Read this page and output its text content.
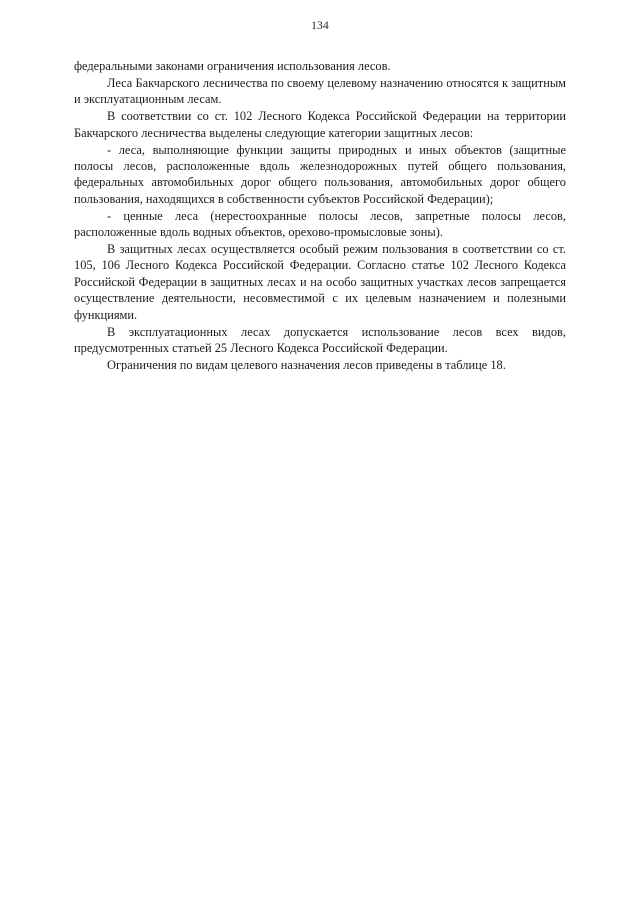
134

федеральными законами ограничения использования лесов.

Леса Бакчарского лесничества по своему целевому назначению относятся к защитным и эксплуатационным лесам.

В соответствии со ст. 102 Лесного Кодекса Российской Федерации на территории Бакчарского лесничества выделены следующие категории защитных лесов:

- леса, выполняющие функции защиты природных и иных объектов (защитные полосы лесов, расположенные вдоль железнодорожных путей общего пользования, федеральных автомобильных дорог общего пользования, автомобильных дорог общего пользования, находящихся в собственности субъектов Российской Федерации);

- ценные леса (нерестоохранные полосы лесов, запретные полосы лесов, расположенные вдоль водных объектов, орехово-промысловые зоны).

В защитных лесах осуществляется особый режим пользования в соответствии со ст. 105, 106 Лесного Кодекса Российской Федерации. Согласно статье 102 Лесного Кодекса Российской Федерации в защитных лесах и на особо защитных участках лесов запрещается осуществление деятельности, несовместимой с их целевым назначением и полезными функциями.

В эксплуатационных лесах допускается использование лесов всех видов, предусмотренных статьей 25 Лесного Кодекса Российской Федерации.

Ограничения по видам целевого назначения лесов приведены в таблице 18.
